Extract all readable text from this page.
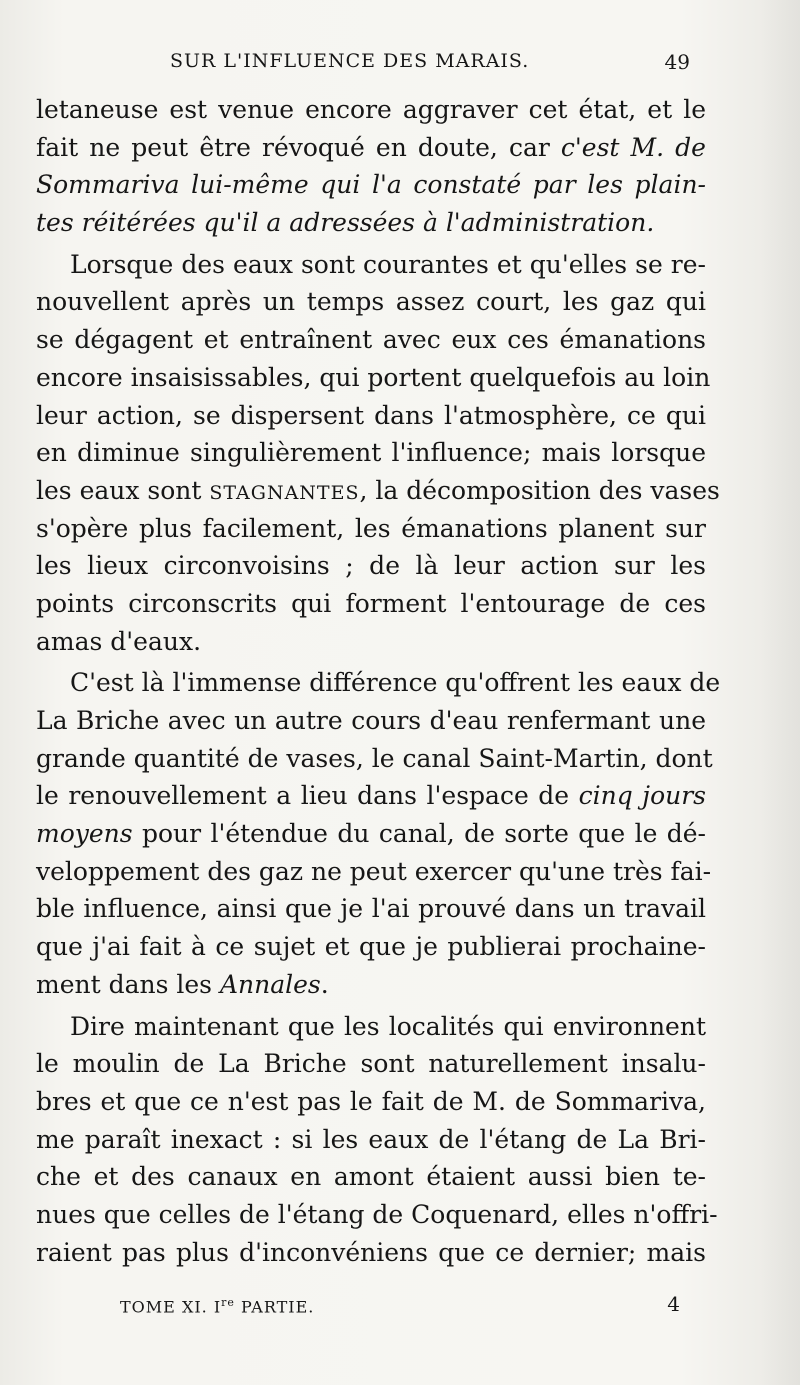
SUR L'INFLUENCE DES MARAIS.	49
letaneuse est venue encore aggraver cet état, et le
fait ne peut être révoqué en doute, car c'est M. de
Sommariva lui-même qui l'a constaté par les plain-
tes réitérées qu'il a adressées à l'administration.
Lorsque des eaux sont courantes et qu'elles se re-
nouvellent après un temps assez court, les gaz qui
se dégagent et entraînent avec eux ces émanations
encore insaisissables, qui portent quelquefois au loin
leur action, se dispersent dans l'atmosphère, ce qui
en diminue singulièrement l'influence; mais lorsque
les eaux sont STAGNANTES, la décomposition des vases
s'opère plus facilement, les émanations planent sur
les lieux circonvoisins ; de là leur action sur les
points circonscrits qui forment l'entourage de ces
amas d'eaux.
C'est là l'immense différence qu'offrent les eaux de
La Briche avec un autre cours d'eau renfermant une
grande quantité de vases, le canal Saint-Martin, dont
le renouvellement a lieu dans l'espace de cinq jours
moyens pour l'étendue du canal, de sorte que le dé-
veloppement des gaz ne peut exercer qu'une très fai-
ble influence, ainsi que je l'ai prouvé dans un travail
que j'ai fait à ce sujet et que je publierai prochaine-
ment dans les Annales.
Dire maintenant que les localités qui environnent
le moulin de La Briche sont naturellement insalu-
bres et que ce n'est pas le fait de M. de Sommariva,
me paraît inexact : si les eaux de l'étang de La Bri-
che et des canaux en amont étaient aussi bien te-
nues que celles de l'étang de Coquenard, elles n'offri-
raient pas plus d'inconvéniens que ce dernier; mais
TOME XI. Ire PARTIE.	4
